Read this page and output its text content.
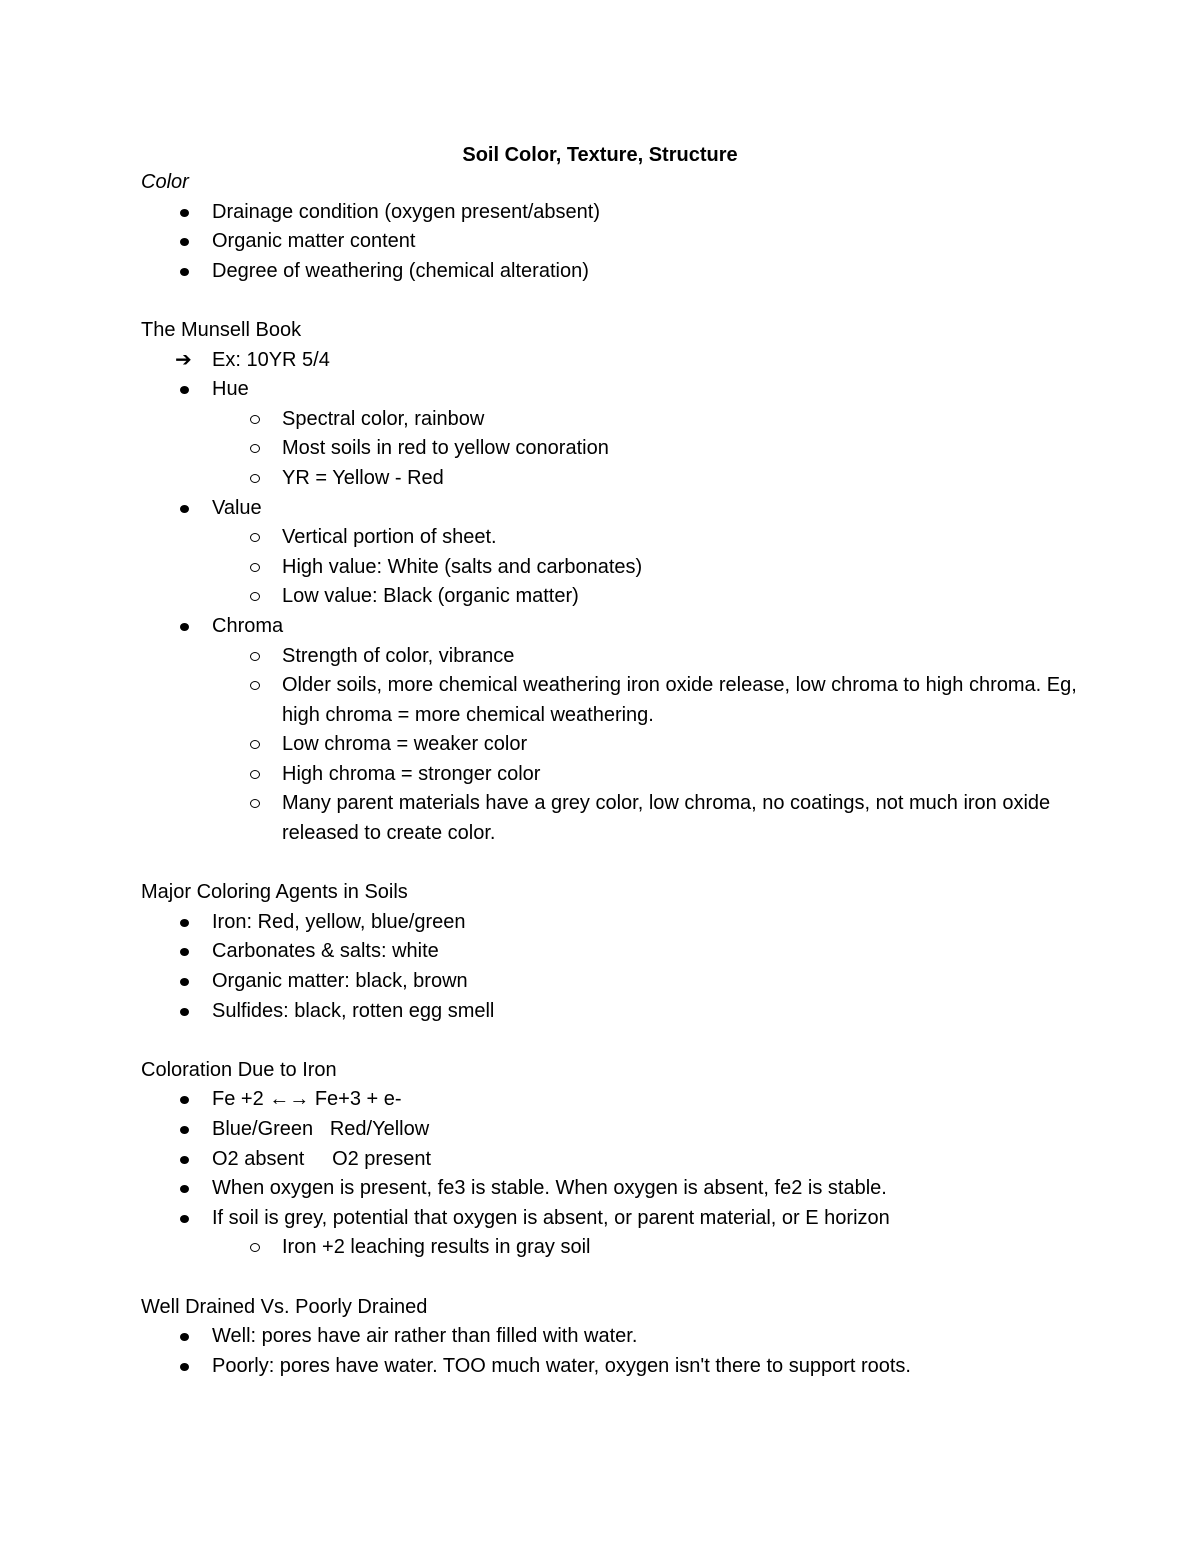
Soil Color, Texture, Structure
Color
Drainage condition (oxygen present/absent)
Organic matter content
Degree of weathering (chemical alteration)
The Munsell Book
➔ Ex: 10YR 5/4
Hue
Spectral color, rainbow
Most soils in red to yellow conoration
YR = Yellow - Red
Value
Vertical portion of sheet.
High value: White (salts and carbonates)
Low value: Black (organic matter)
Chroma
Strength of color, vibrance
Older soils, more chemical weathering iron oxide release, low chroma to high chroma. Eg, high chroma = more chemical weathering.
Low chroma = weaker color
High chroma = stronger color
Many parent materials have a grey color, low chroma, no coatings, not much iron oxide released to create color.
Major Coloring Agents in Soils
Iron: Red, yellow, blue/green
Carbonates & salts: white
Organic matter: black, brown
Sulfides: black, rotten egg smell
Coloration Due to Iron
Fe +2 ←→ Fe+3 + e-
Blue/Green   Red/Yellow
O2 absent     O2 present
When oxygen is present, fe3 is stable. When oxygen is absent, fe2 is stable.
If soil is grey, potential that oxygen is absent, or parent material, or E horizon
Iron +2 leaching results in gray soil
Well Drained Vs. Poorly Drained
Well: pores have air rather than filled with water.
Poorly: pores have water. TOO much water, oxygen isn't there to support roots.
